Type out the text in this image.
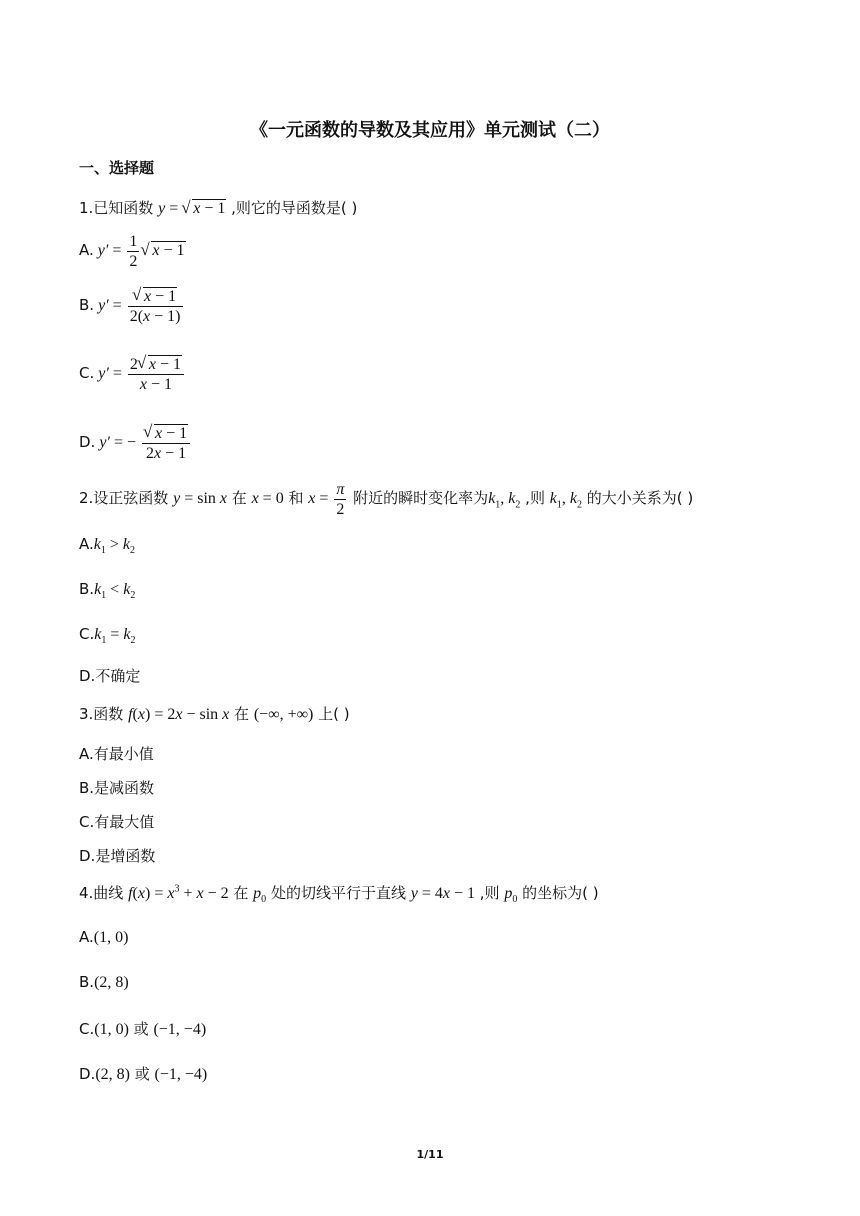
《一元函数的导数及其应用》单元测试（二）
一、选择题
1.已知函数 y = √ x − 1 ,则它的导函数是( )
A. $y' = \frac{1}{2}$ √ x − 1
B. y′ = √ $\frac{x - 1}{2(x - 1)}$
C. $y' = \frac{2 √ x - 1}{x - 1}$
D. y′ = − √ $\frac{x - 1}{2x - 1}$
2.设正弦函数 y = sin x 在 x = 0 和 $x = \frac{\pi}{2}$ 附近的瞬时变化率为$k_1$, $k_2$ ,则 $k_1$, $k_2$ 的大小关系为( )
$A.k_1 > k_2$
$B.k_1 < k_2$
$C.k_1 = k_2$
D.不确定
3.函数 f(x) = 2x − sin x 在 (−∞, +∞) 上( )
A.有最小值
B.是减函数
C.有最大值
D.是增函数
4.曲线 $f(x) = x^3 + x - 2$ 在 $p_0$ 处的切线平行于直线 y = 4x − 1 ,则 $p_0$ 的坐标为( )
A.(1, 0)
B.(2, 8)
C.(1, 0) 或 (−1, −4)
D.(2, 8) 或 (−1, −4)
1/11
